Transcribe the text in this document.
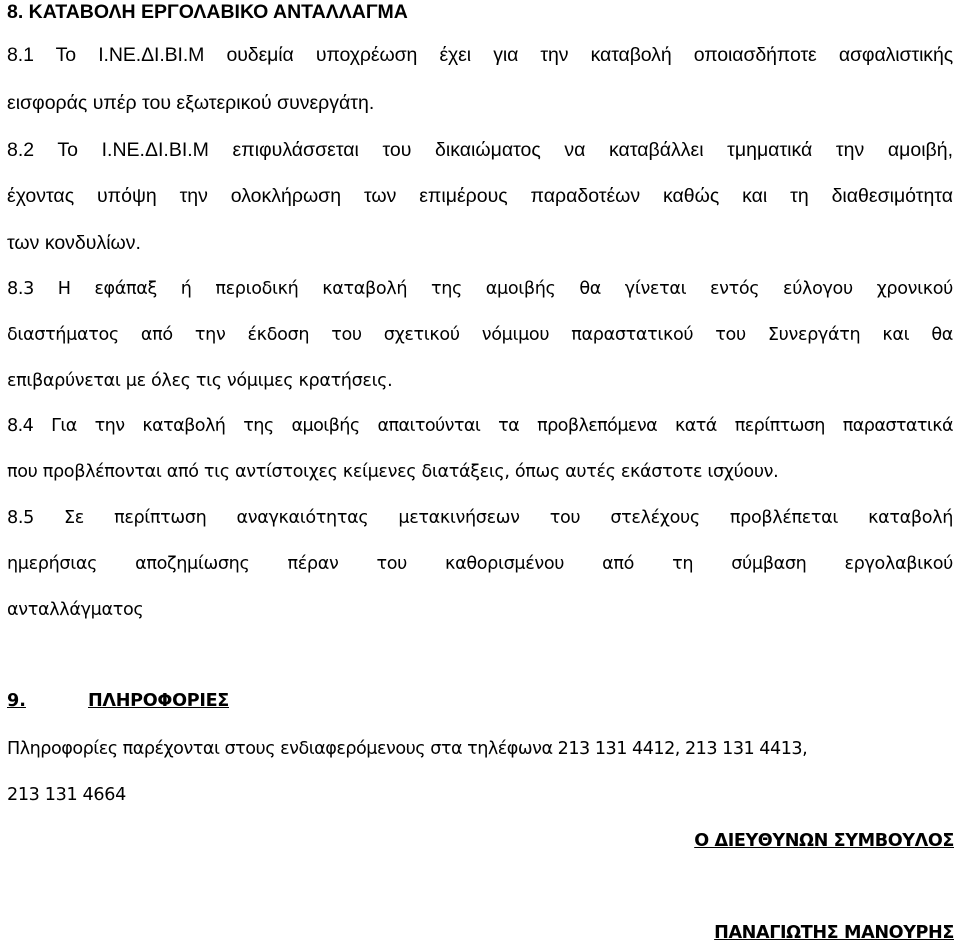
8. ΚΑΤΑΒΟΛΗ ΕΡΓΟΛΑΒΙΚΟ ΑΝΤΑΛΛΑΓΜΑ
8.1 Το Ι.ΝΕ.ΔΙ.ΒΙ.Μ ουδεμία υποχρέωση έχει για την καταβολή οποιασδήποτε ασφαλιστικής
εισφοράς υπέρ του εξωτερικού συνεργάτη.
8.2 Το Ι.ΝΕ.ΔΙ.ΒΙ.Μ επιφυλάσσεται του δικαιώματος να καταβάλλει τμηματικά την αμοιβή,
έχοντας υπόψη την ολοκλήρωση των επιμέρους παραδοτέων καθώς και τη διαθεσιμότητα
των κονδυλίων.
8.3 Η εφάπαξ ή περιοδική καταβολή της αμοιβής θα γίνεται εντός εύλογου χρονικού
διαστήματος από την έκδοση του σχετικού νόμιμου παραστατικού του Συνεργάτη και θα
επιβαρύνεται με όλες τις νόμιμες κρατήσεις.
8.4 Για την καταβολή της αμοιβής απαιτούνται τα προβλεπόμενα κατά περίπτωση παραστατικά
που προβλέπονται από τις αντίστοιχες κείμενες διατάξεις, όπως αυτές εκάστοτε ισχύουν.
8.5 Σε περίπτωση αναγκαιότητας μετακινήσεων του στελέχους προβλέπεται καταβολή
ημερήσιας αποζημίωσης πέραν του καθορισμένου από τη σύμβαση εργολαβικού
ανταλλάγματος
9.	ΠΛΗΡΟΦΟΡΙΕΣ
Πληροφορίες παρέχονται στους ενδιαφερόμενους στα τηλέφωνα 213 131 4412, 213 131 4413,
213 131 4664
Ο ΔΙΕΥΘΥΝΩΝ ΣΥΜΒΟΥΛΟΣ
ΠΑΝΑΓΙΩΤΗΣ ΜΑΝΟΥΡΗΣ
